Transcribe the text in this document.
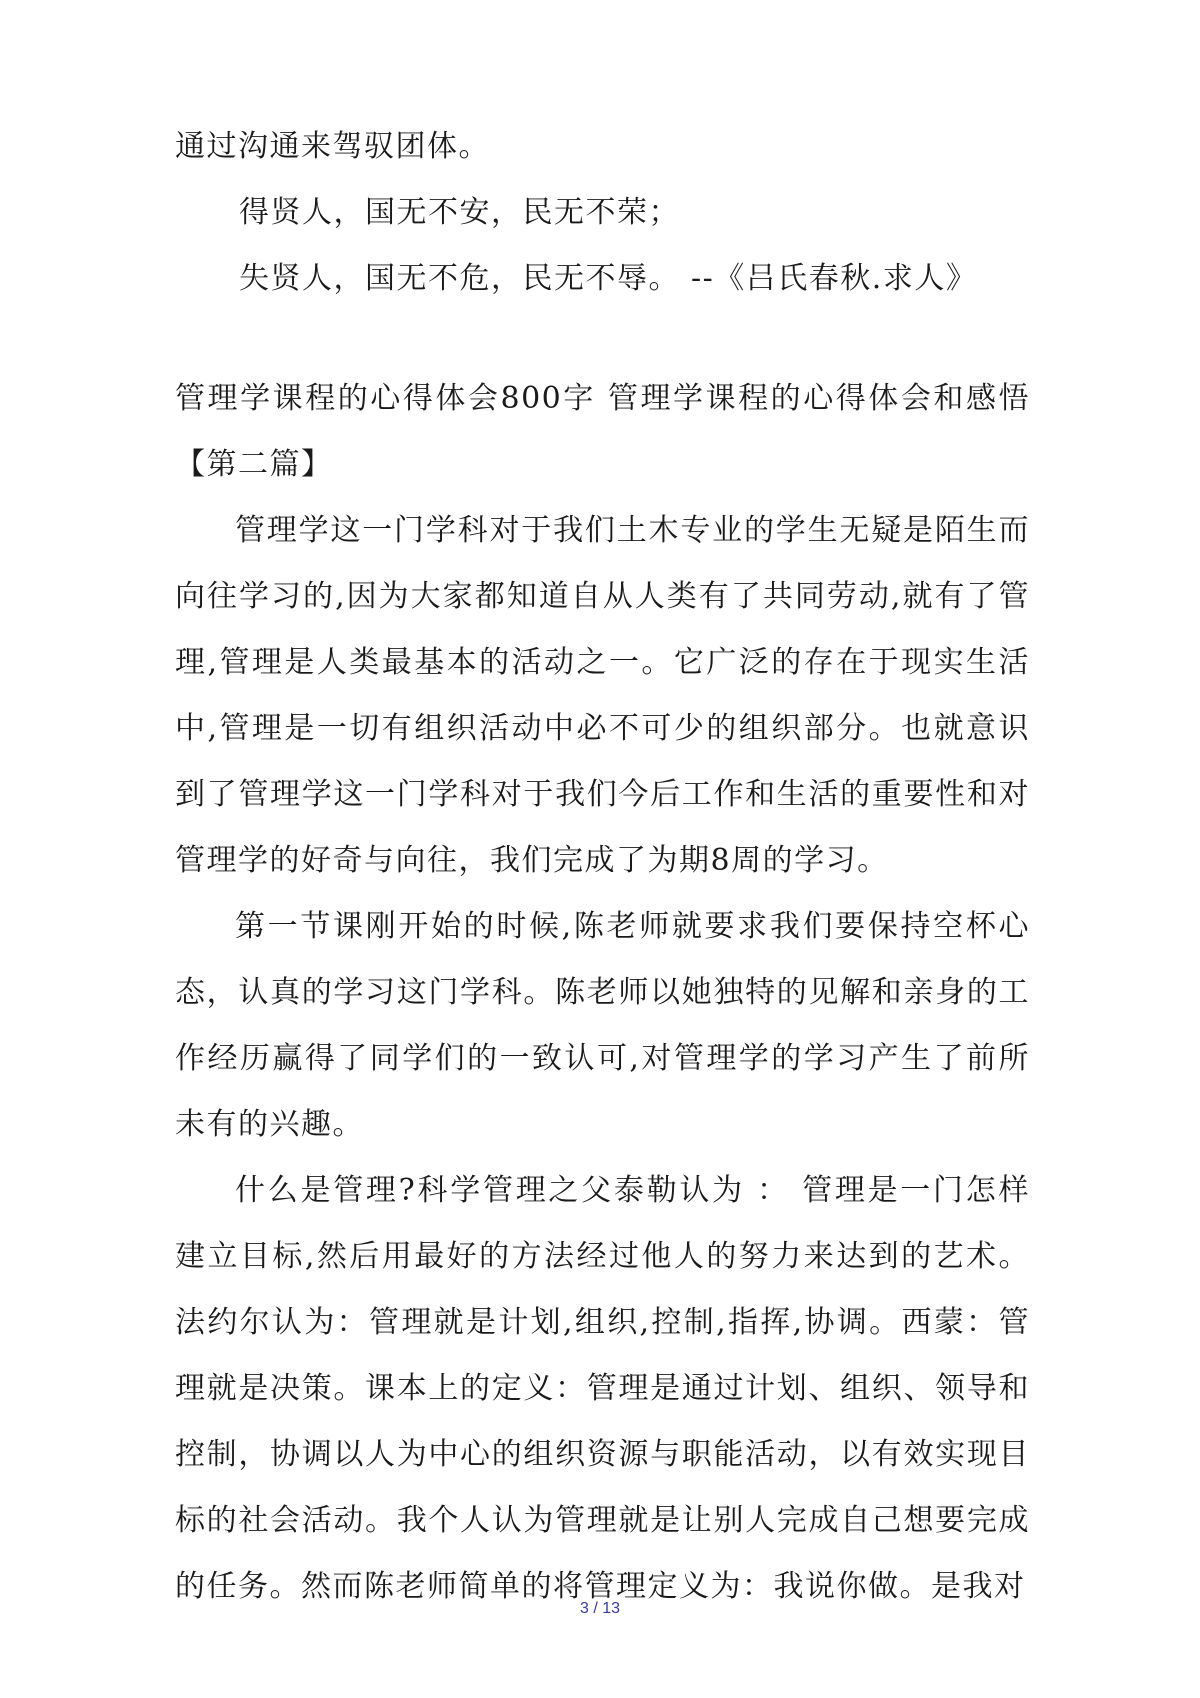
通过沟通来驾驭团体。

得贤人，国无不安，民无不荣；

失贤人，国无不危，民无不辱。 --《吕氏春秋.求人》

管理学课程的心得体会800字 管理学课程的心得体会和感悟【第二篇】

管理学这一门学科对于我们土木专业的学生无疑是陌生而向往学习的,因为大家都知道自从人类有了共同劳动,就有了管理,管理是人类最基本的活动之一。它广泛的存在于现实生活中,管理是一切有组织活动中必不可少的组织部分。也就意识到了管理学这一门学科对于我们今后工作和生活的重要性和对管理学的好奇与向往，我们完成了为期8周的学习。

第一节课刚开始的时候,陈老师就要求我们要保持空杯心态，认真的学习这门学科。陈老师以她独特的见解和亲身的工作经历赢得了同学们的一致认可,对管理学的学习产生了前所未有的兴趣。

什么是管理?科学管理之父泰勒认为 ： 管理是一门怎样建立目标,然后用最好的方法经过他人的努力来达到的艺术。法约尔认为：管理就是计划,组织,控制,指挥,协调。西蒙：管理就是决策。课本上的定义：管理是通过计划、组织、领导和控制，协调以人为中心的组织资源与职能活动，以有效实现目标的社会活动。我个人认为管理就是让别人完成自己想要完成的任务。然而陈老师简单的将管理定义为：我说你做。是我对

3 / 13
